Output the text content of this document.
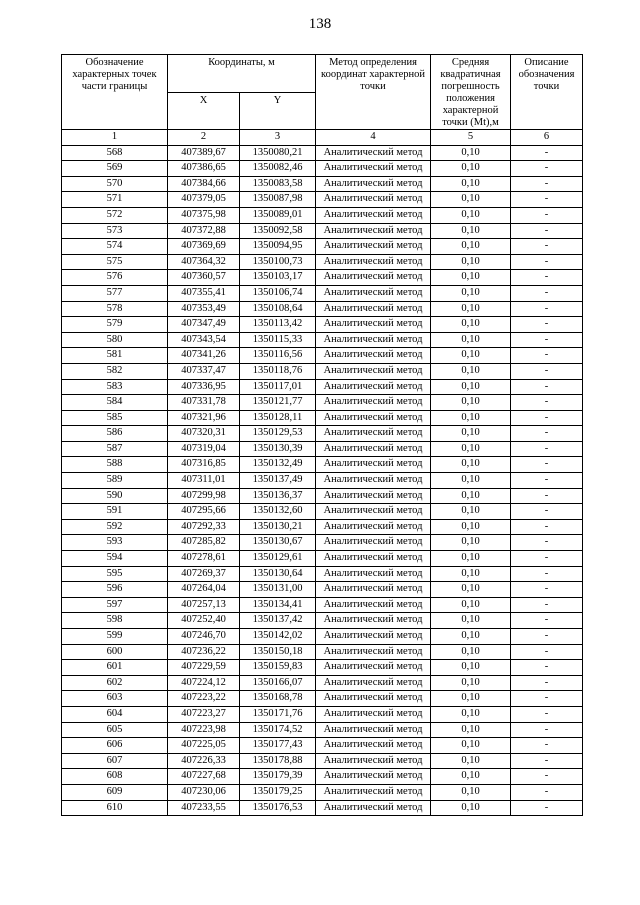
138
Обозначение характерных точек части границы	Координаты, м		Метод определения координат характерной точки	Средняя квадратичная погрешность положения характерной точки (Mt),м	Описание обозначения точки
	X	Y			
1	2	3	4	5	6
568	407389,67	1350080,21	Аналитический метод	0,10	-
569	407386,65	1350082,46	Аналитический метод	0,10	-
570	407384,66	1350083,58	Аналитический метод	0,10	-
571	407379,05	1350087,98	Аналитический метод	0,10	-
572	407375,98	1350089,01	Аналитический метод	0,10	-
573	407372,88	1350092,58	Аналитический метод	0,10	-
574	407369,69	1350094,95	Аналитический метод	0,10	-
575	407364,32	1350100,73	Аналитический метод	0,10	-
576	407360,57	1350103,17	Аналитический метод	0,10	-
577	407355,41	1350106,74	Аналитический метод	0,10	-
578	407353,49	1350108,64	Аналитический метод	0,10	-
579	407347,49	1350113,42	Аналитический метод	0,10	-
580	407343,54	1350115,33	Аналитический метод	0,10	-
581	407341,26	1350116,56	Аналитический метод	0,10	-
582	407337,47	1350118,76	Аналитический метод	0,10	-
583	407336,95	1350117,01	Аналитический метод	0,10	-
584	407331,78	1350121,77	Аналитический метод	0,10	-
585	407321,96	1350128,11	Аналитический метод	0,10	-
586	407320,31	1350129,53	Аналитический метод	0,10	-
587	407319,04	1350130,39	Аналитический метод	0,10	-
588	407316,85	1350132,49	Аналитический метод	0,10	-
589	407311,01	1350137,49	Аналитический метод	0,10	-
590	407299,98	1350136,37	Аналитический метод	0,10	-
591	407295,66	1350132,60	Аналитический метод	0,10	-
592	407292,33	1350130,21	Аналитический метод	0,10	-
593	407285,82	1350130,67	Аналитический метод	0,10	-
594	407278,61	1350129,61	Аналитический метод	0,10	-
595	407269,37	1350130,64	Аналитический метод	0,10	-
596	407264,04	1350131,00	Аналитический метод	0,10	-
597	407257,13	1350134,41	Аналитический метод	0,10	-
598	407252,40	1350137,42	Аналитический метод	0,10	-
599	407246,70	1350142,02	Аналитический метод	0,10	-
600	407236,22	1350150,18	Аналитический метод	0,10	-
601	407229,59	1350159,83	Аналитический метод	0,10	-
602	407224,12	1350166,07	Аналитический метод	0,10	-
603	407223,22	1350168,78	Аналитический метод	0,10	-
604	407223,27	1350171,76	Аналитический метод	0,10	-
605	407223,98	1350174,52	Аналитический метод	0,10	-
606	407225,05	1350177,43	Аналитический метод	0,10	-
607	407226,33	1350178,88	Аналитический метод	0,10	-
608	407227,68	1350179,39	Аналитический метод	0,10	-
609	407230,06	1350179,25	Аналитический метод	0,10	-
610	407233,55	1350176,53	Аналитический метод	0,10	-
